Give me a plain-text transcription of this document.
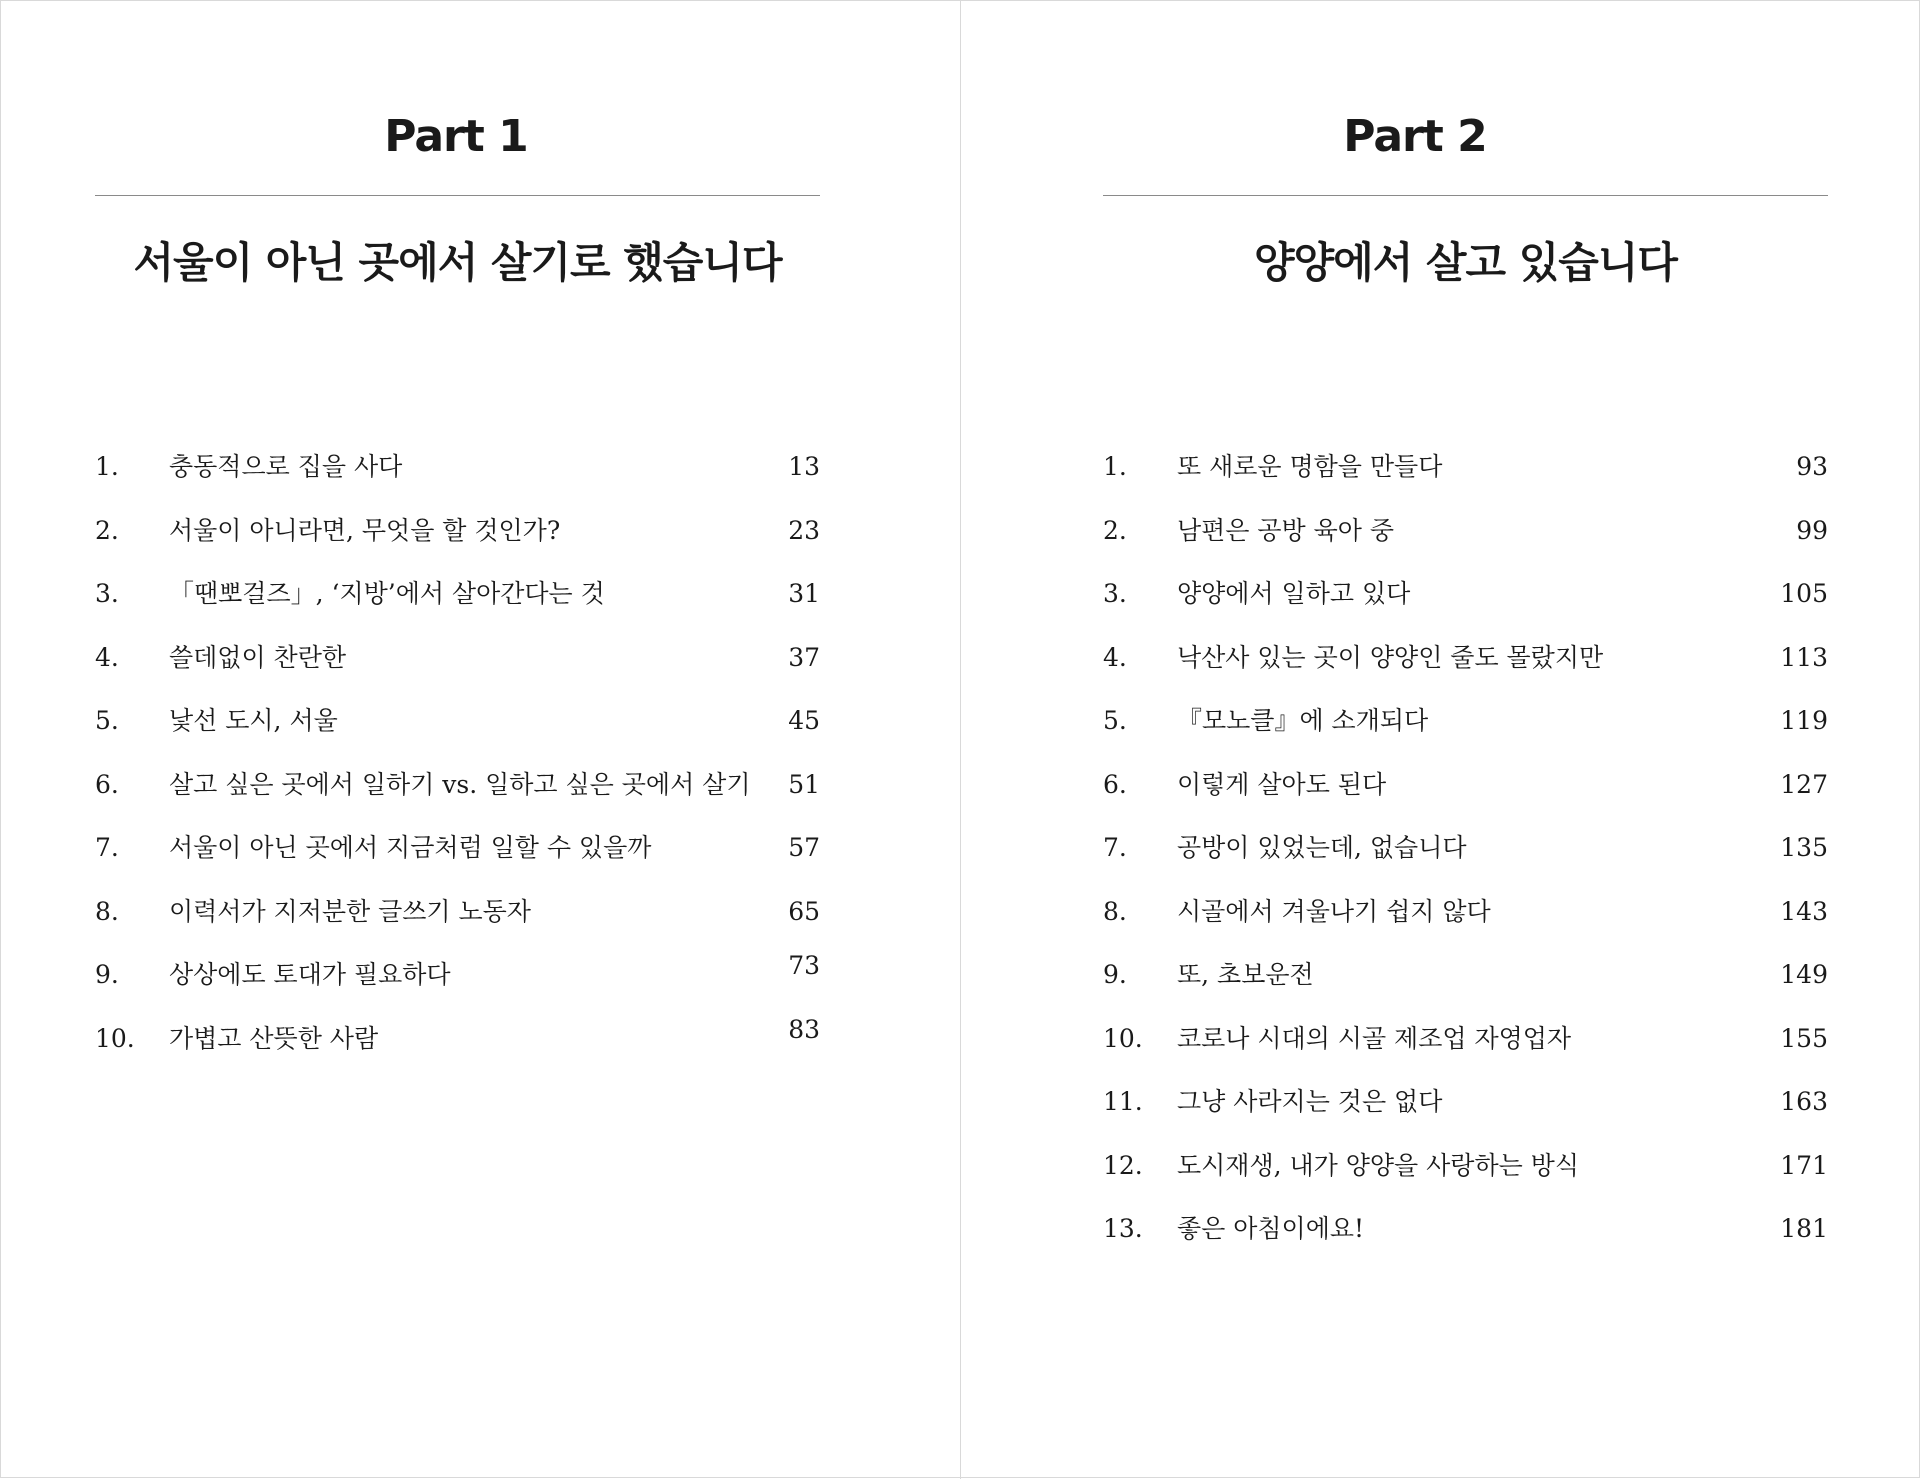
Part 1
서울이 아닌 곳에서 살기로 했습니다
1.	충동적으로 집을 사다	13
2.	서울이 아니라면, 무엇을 할 것인가?	23
3.	「땐뽀걸즈」, ‘지방’에서 살아간다는 것	31
4.	쓸데없이 찬란한	37
5.	낯선 도시, 서울	45
6.	살고 싶은 곳에서 일하기 vs. 일하고 싶은 곳에서 살기 51
7.	서울이 아닌 곳에서 지금처럼 일할 수 있을까	57
8.	이력서가 지저분한 글쓰기 노동자	65
9.	상상에도 토대가 필요하다	73
10.	가볍고 산뜻한 사람	83
Part 2
양양에서 살고 있습니다
1.	또 새로운 명함을 만들다	93
2.	남편은 공방 육아 중	99
3.	양양에서 일하고 있다	105
4.	낙산사 있는 곳이 양양인 줄도 몰랐지만	113
5.	『모노클』에 소개되다	119
6.	이렇게 살아도 된다	127
7.	공방이 있었는데, 없습니다	135
8.	시골에서 겨울나기 쉽지 않다	143
9.	또, 초보운전	149
10.	코로나 시대의 시골 제조업 자영업자	155
11.	그냥 사라지는 것은 없다	163
12.	도시재생, 내가 양양을 사랑하는 방식	171
13.	좋은 아침이에요!	181
